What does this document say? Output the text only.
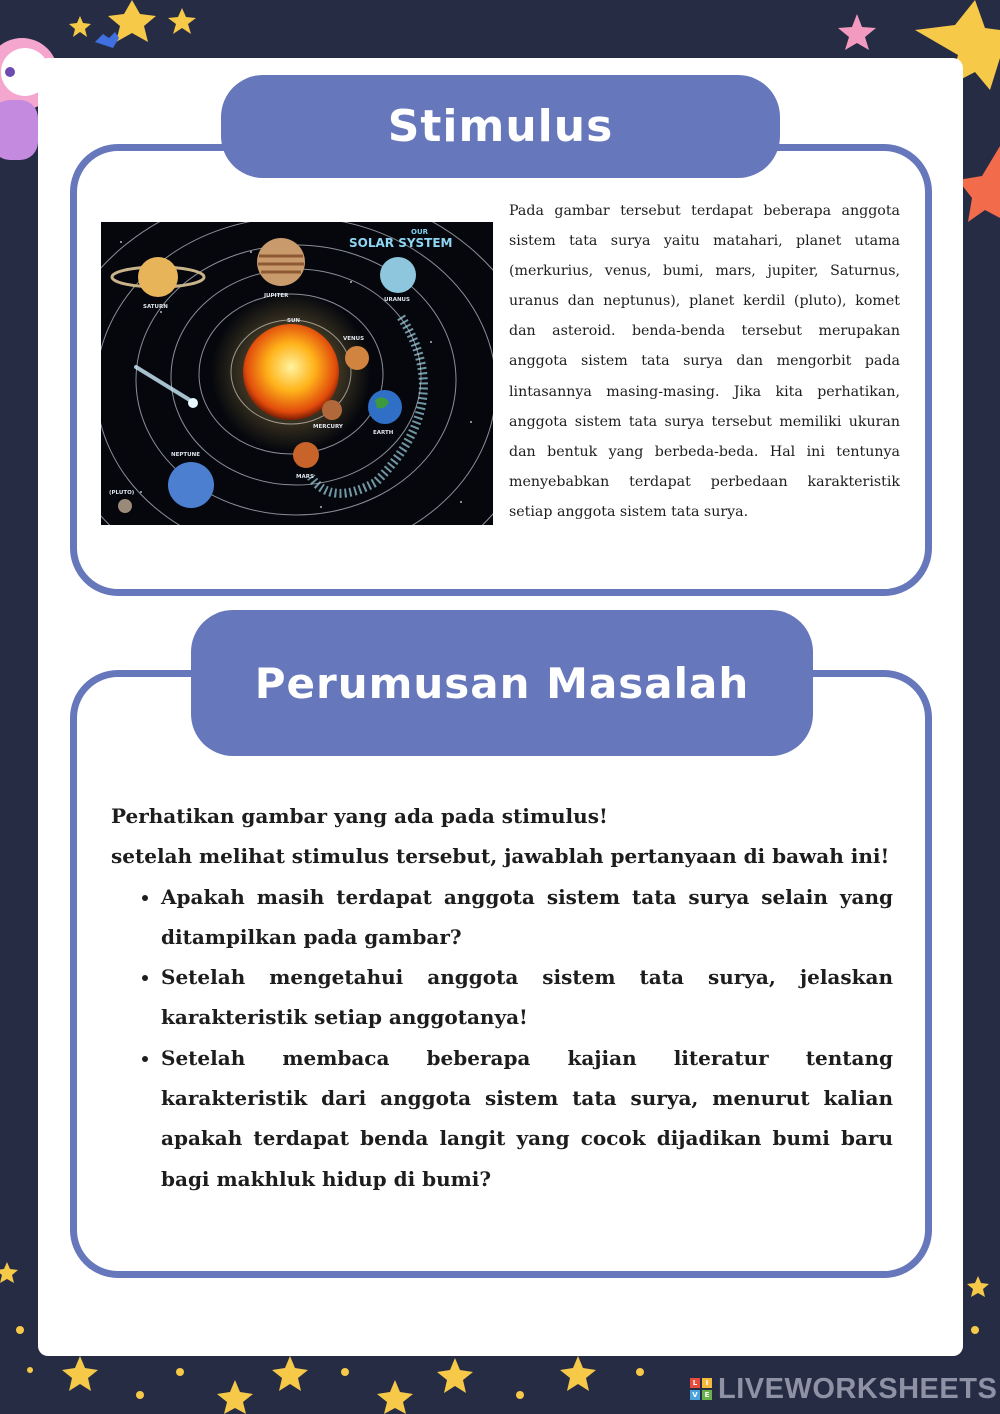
Stimulus
OUR
SOLAR SYSTEM
SATURN
JUPITER
URANUS
SUN
VENUS
MERCURY
EARTH
MARS
NEPTUNE
(PLUTO)

Pada gambar tersebut terdapat beberapa anggota sistem tata surya yaitu matahari, planet utama (merkurius, venus, bumi, mars, jupiter, Saturnus, uranus dan neptunus), planet kerdil (pluto), komet dan asteroid. benda-benda tersebut merupakan anggota sistem tata surya dan mengorbit pada lintasannya masing-masing. Jika kita perhatikan, anggota sistem tata surya tersebut memiliki ukuran dan bentuk yang berbeda-beda. Hal ini tentunya menyebabkan terdapat perbedaan karakteristik setiap anggota sistem tata surya.

Perumusan Masalah

Perhatikan gambar yang ada pada stimulus!

setelah melihat stimulus tersebut, jawablah pertanyaan di bawah ini!

• Apakah masih terdapat anggota sistem tata surya selain yang ditampilkan pada gambar?
• Setelah mengetahui anggota sistem tata surya, jelaskan karakteristik setiap anggotanya!
• Setelah membaca beberapa kajian literatur tentang karakteristik dari anggota sistem tata surya, menurut kalian apakah terdapat benda langit yang cocok dijadikan bumi baru bagi makhluk hidup di bumi?
L	I
V E LIVEWORKSHEETS
